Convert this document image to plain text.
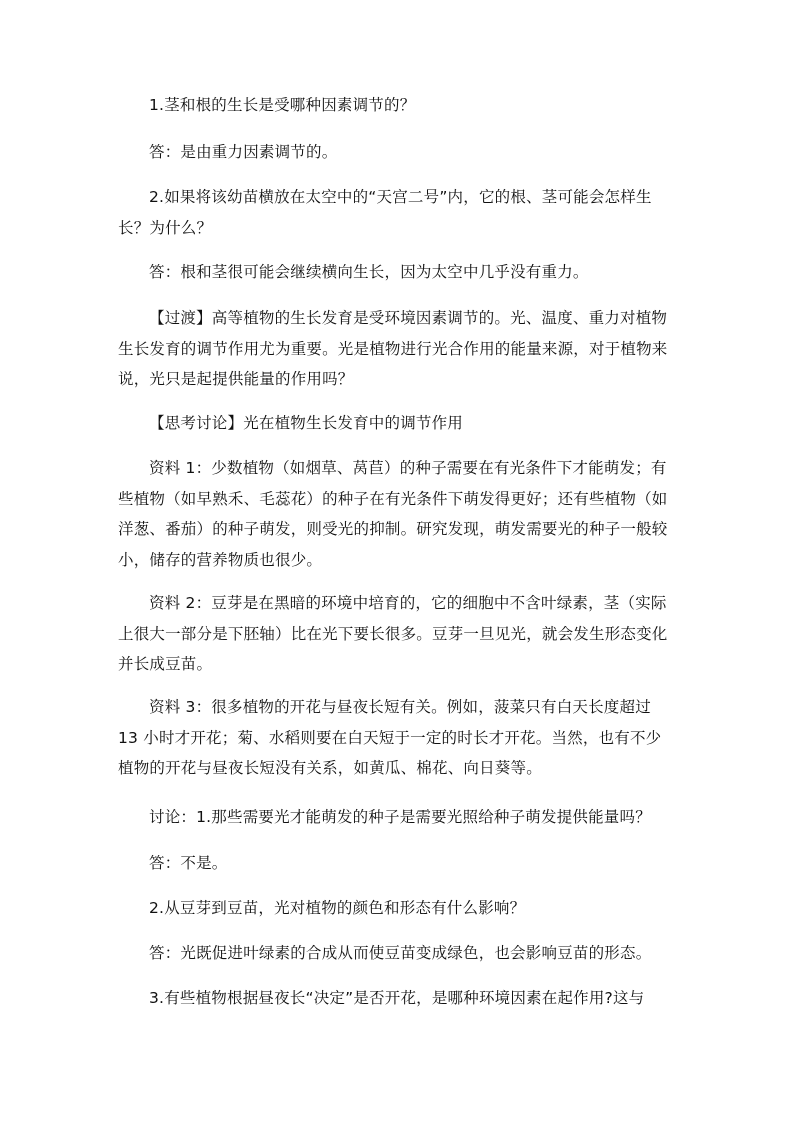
1.茎和根的生长是受哪种因素调节的？

答：是由重力因素调节的。

2.如果将该幼苗横放在太空中的“天宫二号”内，它的根、茎可能会怎样生长？为什么？

答：根和茎很可能会继续横向生长，因为太空中几乎没有重力。

【过渡】高等植物的生长发育是受环境因素调节的。光、温度、重力对植物生长发育的调节作用尤为重要。光是植物进行光合作用的能量来源，对于植物来说，光只是起提供能量的作用吗？

【思考讨论】光在植物生长发育中的调节作用

资料 1：少数植物（如烟草、莴苣）的种子需要在有光条件下才能萌发；有些植物（如早熟禾、毛蕊花）的种子在有光条件下萌发得更好；还有些植物（如洋葱、番茄）的种子萌发，则受光的抑制。研究发现，萌发需要光的种子一般较小，储存的营养物质也很少。

资料 2：豆芽是在黑暗的环境中培育的，它的细胞中不含叶绿素，茎（实际上很大一部分是下胚轴）比在光下要长很多。豆芽一旦见光，就会发生形态变化并长成豆苗。

资料 3：很多植物的开花与昼夜长短有关。例如，菠菜只有白天长度超过 13 小时才开花；菊、水稻则要在白天短于一定的时长才开花。当然，也有不少植物的开花与昼夜长短没有关系，如黄瓜、棉花、向日葵等。

讨论：1.那些需要光才能萌发的种子是需要光照给种子萌发提供能量吗？

答：不是。

2.从豆芽到豆苗，光对植物的颜色和形态有什么影响？

答：光既促进叶绿素的合成从而使豆苗变成绿色，也会影响豆苗的形态。

3.有些植物根据昼夜长“决定”是否开花，是哪种环境因素在起作用?这与
